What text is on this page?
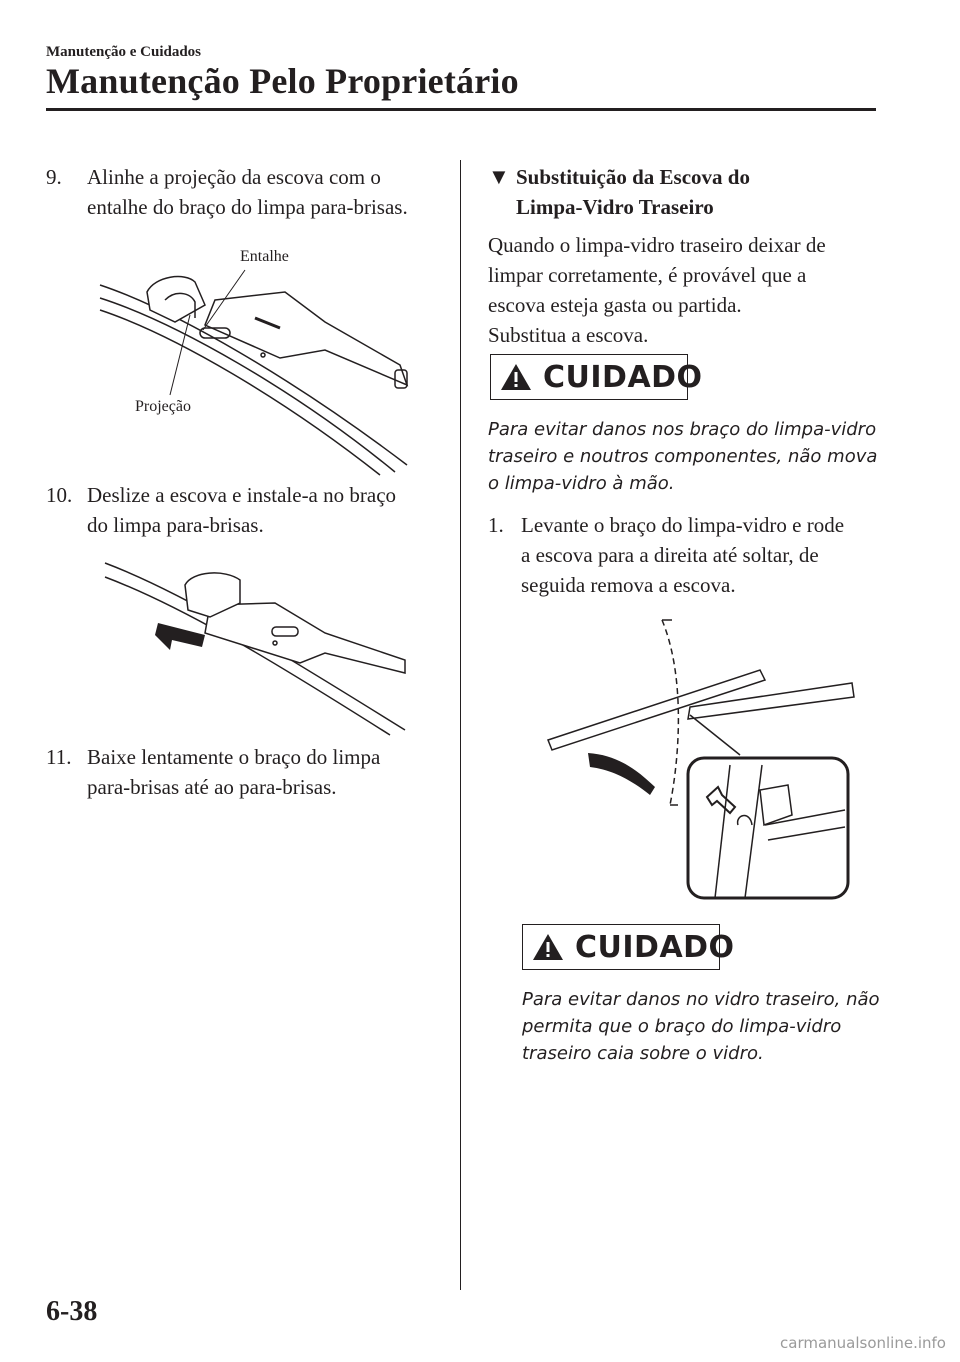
Manutenção e Cuidados
Manutenção Pelo Proprietário
9. Alinhe a projeção da escova com o
entalhe do braço do limpa para-brisas.
Entalhe
Projeção
10. Deslize a escova e instale-a no braço
do limpa para-brisas.
11. Baixe lentamente o braço do limpa
para-brisas até ao para-brisas.
▼ Substituição da Escova do
Limpa-Vidro Traseiro
Quando o limpa-vidro traseiro deixar de
limpar corretamente, é provável que a
escova esteja gasta ou partida.
Substitua a escova.
CUIDADO
Para evitar danos nos braço do limpa-vidro
traseiro e noutros componentes, não mova
o limpa-vidro à mão.
1. Levante o braço do limpa-vidro e rode
a escova para a direita até soltar, de
seguida remova a escova.
CUIDADO
Para evitar danos no vidro traseiro, não
permita que o braço do limpa-vidro
traseiro caia sobre o vidro.
6-38
carmanualsonline.info
